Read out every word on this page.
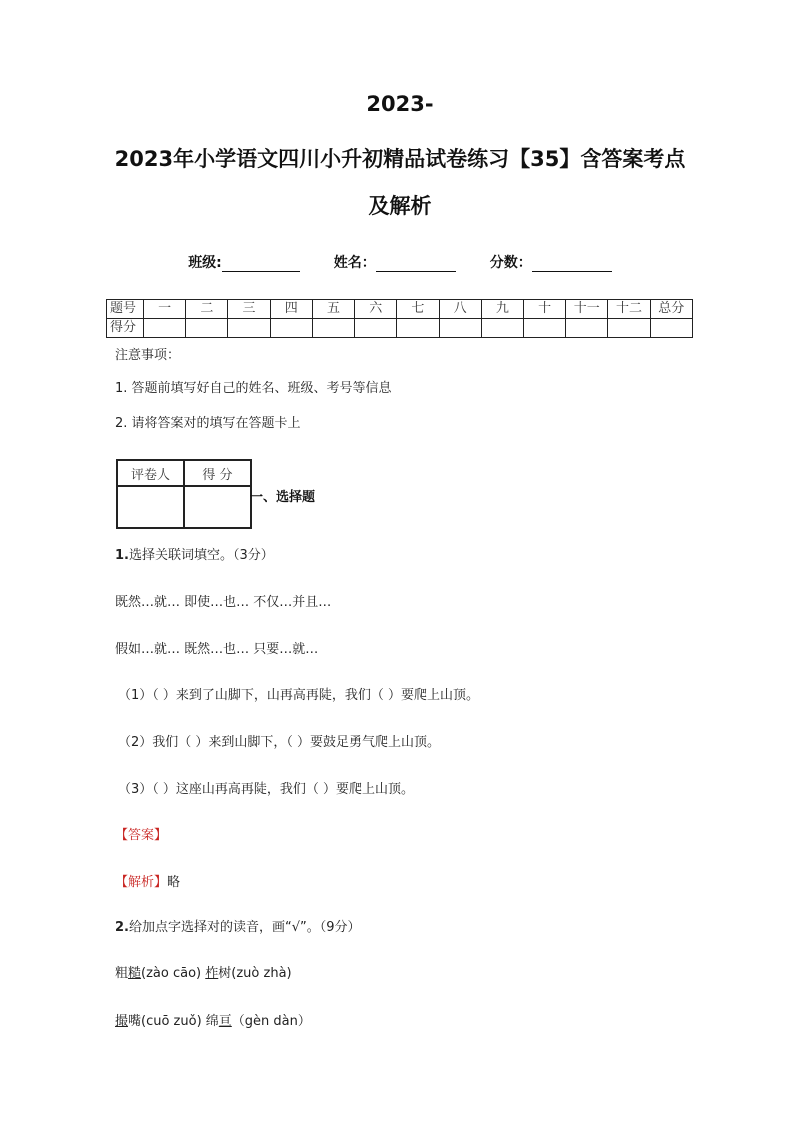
2023-
2023年小学语文四川小升初精品试卷练习【35】含答案考点
及解析
班级:	姓名：	分数：
题号	一	二	三	四	五	六	七	八	九	十	十一	十二	总分
得分													
注意事项：
1. 答题前填写好自己的姓名、班级、考号等信息
2. 请将答案对的填写在答题卡上
评卷人	得 分

一、选择题
1.选择关联词填空。（3分）
既然…就… 即使…也… 不仅…并且…
假如…就… 既然…也… 只要…就…
（1）（ ）来到了山脚下，山再高再陡，我们（ ）要爬上山顶。
（2）我们（ ）来到山脚下，（ ）要鼓足勇气爬上山顶。
（3）（ ）这座山再高再陡，我们（ ）要爬上山顶。
【答案】
【解析】略
2.给加点字选择对的读音，画“√”。（9分）
粗糙(zào cāo) 柞树(zuò zhà)
撮嘴(cuō zuǒ) 绵亘（gèn dàn）
